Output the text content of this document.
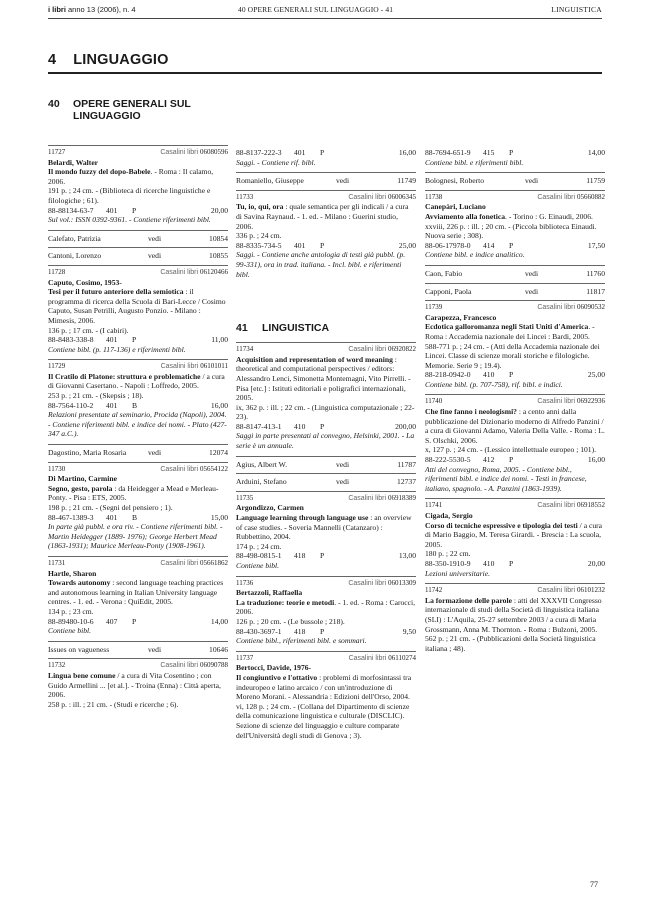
i libri anno 13 (2006), n. 4	40 OPERE GENERALI SUL LINGUAGGIO - 41	LINGUISTICA
4 LINGUAGGIO
40 OPERE GENERALI SUL LINGUAGGIO
41 LINGUISTICA
11727	Casalini libri 06080596
Belardi, Walter
Il mondo fuzzy del dopo-Babele. - Roma : Il calamo, 2006.
191 p. ; 24 cm. - (Biblioteca di ricerche linguistiche e filologiche ; 61).
88-88134-63-7	401	P	20,00
Sul vol.: ISSN 0392-9361. - Contiene riferimenti bibl.
Calefato, Patrizia	vedi	10854
Cantoni, Lorenzo	vedi	10855
11728	Casalini libri 06120466
Caputo, Cosimo, 1953-
Tesi per il futuro anteriore della semiotica : il programma di ricerca della Scuola di Bari-Lecce / Cosimo Caputo, Susan Petrilli, Augusto Ponzio. - Milano : Mimesis, 2006.
136 p. ; 17 cm. - (I cabiri).
88-8483-338-8	401	P	11,00
Contiene bibl. (p. 117-136) e riferimenti bibl.
11729	Casalini libri 06101011
Il Cratilo di Platone: struttura e problematiche / a cura di Giovanni Casertano. - Napoli : Loffredo, 2005.
253 p. ; 21 cm. - (Skepsis ; 18).
88-7564-110-2	401	B	16,00
Relazioni presentate al seminario, Procida (Napoli), 2004. - Contiene riferimenti bibl. e indice dei nomi. - Plato (427-347 a.C.).
Dagostino, Maria Rosaria	vedi	12074
11730	Casalini libri 05654122
Di Martino, Carmine
Segno, gesto, parola : da Heidegger a Mead e Merleau-Ponty. - Pisa : ETS, 2005.
198 p. ; 21 cm. - (Segni del pensiero ; 1).
88-467-1389-3	401	B	15,00
In parte già pubbl. e ora riv. - Contiene riferimenti bibl. - Martin Heidegger (1889- 1976); George Herbert Mead (1863-1931); Maurice Merleau-Ponty (1908-1961).
11731	Casalini libri 05661862
Hartle, Sharon
Towards autonomy : second language teaching practices and autonomous learning in Italian University language centres. - 1. ed. - Verona : QuiEdit, 2005.
134 p. ; 23 cm.
88-89480-10-6	407	P	14,00
Contiene bibl.
Issues on vagueness	vedi	10646
11732	Casalini libri 06090788
Lingua bene comune / a cura di Vita Cosentino ; con Guido Armellini ... [et al.]. - Troina (Enna) : Città aperta, 2006.
258 p. : ill. ; 21 cm. - (Studi e ricerche ; 6).
88-8137-222-3	401	P	16,00
Saggi. - Contiene rif. bibl.
Romaniello, Giuseppe	vedi	11749
11733	Casalini libri 06006345
Tu, io, qui, ora : quale semantica per gli indicali / a cura di Savina Raynaud. - 1. ed. - Milano : Guerini studio, 2006.
336 p. ; 24 cm.
88-8335-734-5	401	P	25,00
Saggi. - Contiene anche antologia di testi già pubbl. (p. 99-331), ora in trad. italiana. - Incl. bibl. e riferimenti bibl.
11734	Casalini libri 06920822
Acquisition and representation of word meaning : theoretical and computational perspectives / editors: Alessandro Lenci, Simonetta Montemagni, Vito Pirrelli. - Pisa [etc.] : Istituti editoriali e poligrafici internazionali, 2005.
ix, 362 p. : ill. ; 22 cm. - (Linguistica computazionale ; 22-23).
88-8147-413-1	410	P	200,00
Saggi in parte presentati al convegno, Helsinki, 2001. - La serie è un annuale.
Agius, Albert W.	vedi	11787
Arduini, Stefano	vedi	12737
11735	Casalini libri 06918389
Argondizzo, Carmen
Language learning through language use : an overview of case studies. - Soveria Mannelli (Catanzaro) : Rubbettino, 2004.
174 p. ; 24 cm.
88-498-0815-1	418	P	13,00
Contiene bibl.
11736	Casalini libri 06013309
Bertazzoli, Raffaella
La traduzione: teorie e metodi. - 1. ed. - Roma : Carocci, 2006.
126 p. ; 20 cm. - (Le bussole ; 218).
88-430-3697-1	418	P	9,50
Contiene bibl., riferimenti bibl. e sommari.
11737	Casalini libri 06110274
Bertocci, Davide, 1976-
Il congiuntivo e l'ottativo : problemi di morfosintassi tra indeuropeo e latino arcaico / con un'introduzione di Moreno Morani. - Alessandria : Edizioni dell'Orso, 2004.
vi, 128 p. ; 24 cm. - (Collana del Dipartimento di scienze della comunicazione linguistica e culturale (DISCLIC). Sezione di scienze del linguaggio e culture comparate dell'Università degli studi di Genova ; 3).
88-7694-651-9	415	P	14,00
Contiene bibl. e riferimenti bibl.
Bolognesi, Roberto	vedi	11759
11738	Casalini libri 05660882
Canepàri, Luciano
Avviamento alla fonetica. - Torino : G. Einaudi, 2006.
xxviii, 226 p. : ill. ; 20 cm. - (Piccola biblioteca Einaudi. Nuova serie ; 308).
88-06-17978-0	414	P	17,50
Contiene bibl. e indice analitico.
Caon, Fabio	vedi	11760
Capponi, Paola	vedi	11817
11739	Casalini libri 06090532
Carapezza, Francesco
Ecdotica galloromanza negli Stati Uniti d'America. - Roma : Accademia nazionale dei Lincei : Bardi, 2005.
588-771 p. ; 24 cm. - (Atti della Accademia nazionale dei Lincei. Classe di scienze morali storiche e filologiche. Memorie. Serie 9 ; 19.4).
88-218-0942-0	410	P	25,00
Contiene bibl. (p. 707-758), rif. bibl. e indici.
11740	Casalini libri 06922936
Che fine fanno i neologismi? : a cento anni dalla pubblicazione del Dizionario moderno di Alfredo Panzini / a cura di Giovanni Adamo, Valeria Della Valle. - Roma : L. S. Olschki, 2006.
x, 127 p. ; 24 cm. - (Lessico intellettuale europeo ; 101).
88-222-5530-5	412	P	16,00
Atti del convegno, Roma, 2005. - Contiene bibl., riferimenti bibl. e indice dei nomi. - Testi in francese, italiano, spagnolo. - A. Panzini (1863-1939).
11741	Casalini libri 06918552
Cigada, Sergio
Corso di tecniche espressive e tipologia dei testi / a cura di Mario Baggio, M. Teresa Girardi. - Brescia : La scuola, 2005.
180 p. ; 22 cm.
88-350-1910-9	410	P	20,00
Lezioni universitarie.
11742	Casalini libri 06101232
La formazione delle parole : atti del XXXVII Congresso internazionale di studi della Società di linguistica italiana (SLI) : L'Aquila, 25-27 settembre 2003 / a cura di Maria Grossmann, Anna M. Thornton. - Roma : Bulzoni, 2005.
562 p. ; 21 cm. - (Pubblicazioni della Società linguistica italiana ; 48).
77
